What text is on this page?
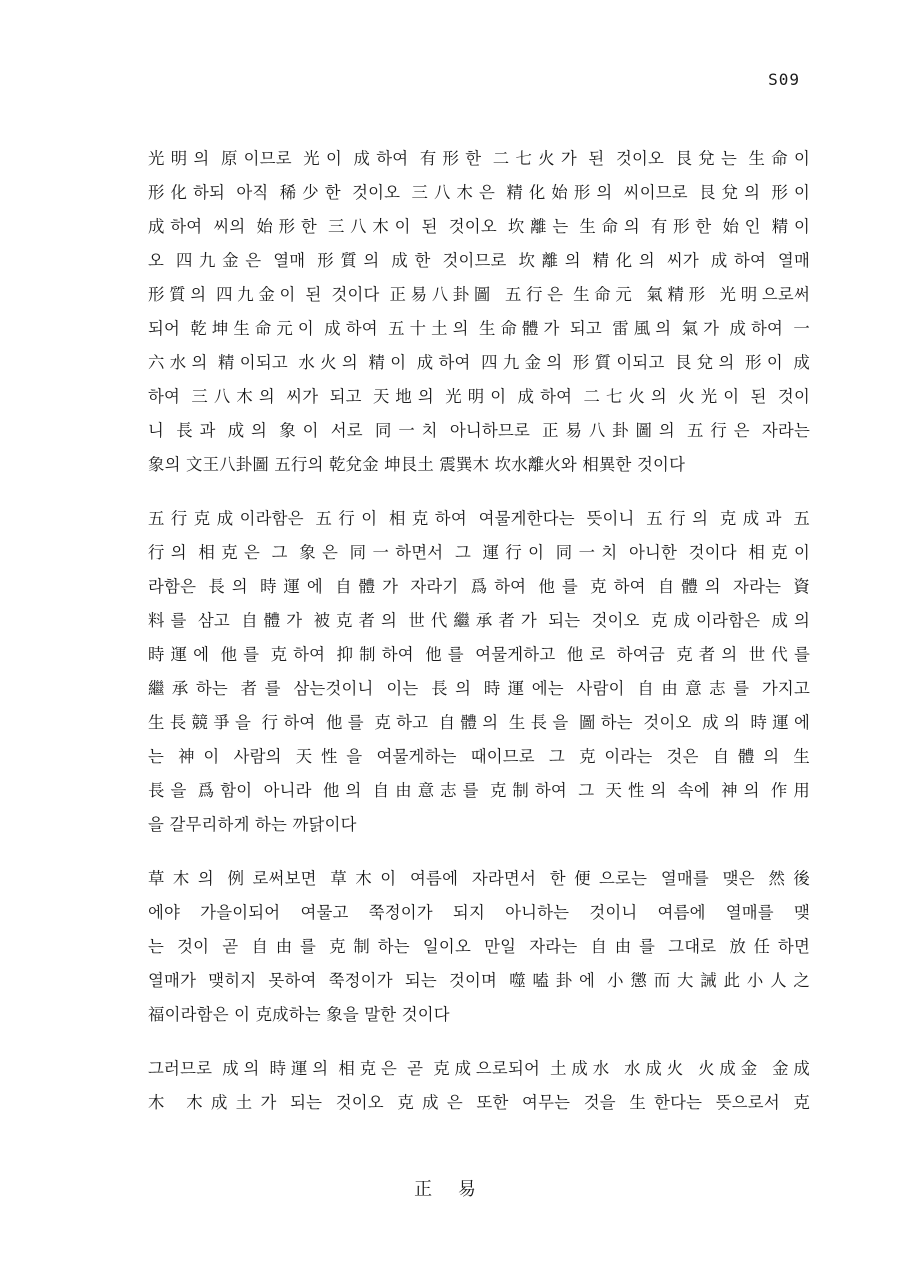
S09
光明의 原이므로 光이 成하여 有形한 二七火가 된 것이오 艮兌는 生命이
形化하되 아직 稀少한 것이오 三八木은 精化始形의 씨이므로 艮兌의 形이
成하여 씨의 始形한 三八木이 된 것이오 坎離는 生命의 有形한 始인 精이
오 四九金은 열매 形質의 成한 것이므로 坎離의 精化의 씨가 成하여 열매
形質의 四九金이 된 것이다 正易八卦圖 五行은 生命元 氣精形 光明으로써
되어 乾坤生命元이 成하여 五十土의 生命體가 되고 雷風의 氣가 成하여 一
六水의 精이되고 水火의 精이 成하여 四九金의 形質이되고 艮兌의 形이 成
하여 三八木의 씨가 되고 天地의 光明이 成하여 二七火의 火光이 된 것이
니 長과 成의 象이 서로 同一치 아니하므로 正易八卦圖의 五行은 자라는
象의 文王八卦圖 五行의 乾兌金 坤艮土 震巽木 坎水離火와 相異한 것이다
五行克成이라함은 五行이 相克하여 여물게한다는 뜻이니 五行의 克成과 五
行의 相克은 그 象은 同一하면서 그 運行이 同一치 아니한 것이다 相克이
라함은 長의 時運에 自體가 자라기 爲하여 他를 克하여 自體의 자라는 資
料를 삼고 自體가 被克者의 世代繼承者가 되는 것이오 克成이라함은 成의
時運에 他를 克하여 抑制하여 他를 여물게하고 他로 하여금 克者의 世代를
繼承하는 者를 삼는것이니 이는 長의 時運에는 사람이 自由意志를 가지고
生長競爭을 行하여 他를 克하고 自體의 生長을 圖하는 것이오 成의 時運에
는 神이 사람의 天性을 여물게하는 때이므로 그 克이라는 것은 自體의 生
長을 爲함이 아니라 他의 自由意志를 克制하여 그 天性의 속에 神의 作用
을 갈무리하게 하는 까닭이다
草木의 例로써보면 草木이 여름에 자라면서 한便으로는 열매를 맺은 然後
에야 가을이되어 여물고 쭉정이가 되지 아니하는 것이니 여름에 열매를 맺
는 것이 곧 自由를 克制하는 일이오 만일 자라는 自由를 그대로 放任하면
열매가 맺히지 못하여 쭉정이가 되는 것이며 噬嗑卦에 小懲而大誡此小人之
福이라함은 이 克成하는 象을 말한 것이다
그러므로 成의 時運의 相克은 곧 克成으로되어 土成水 水成火 火成金 金成
木 木成土가 되는 것이오 克成은 또한 여무는 것을 生한다는 뜻으로서 克
正 易
